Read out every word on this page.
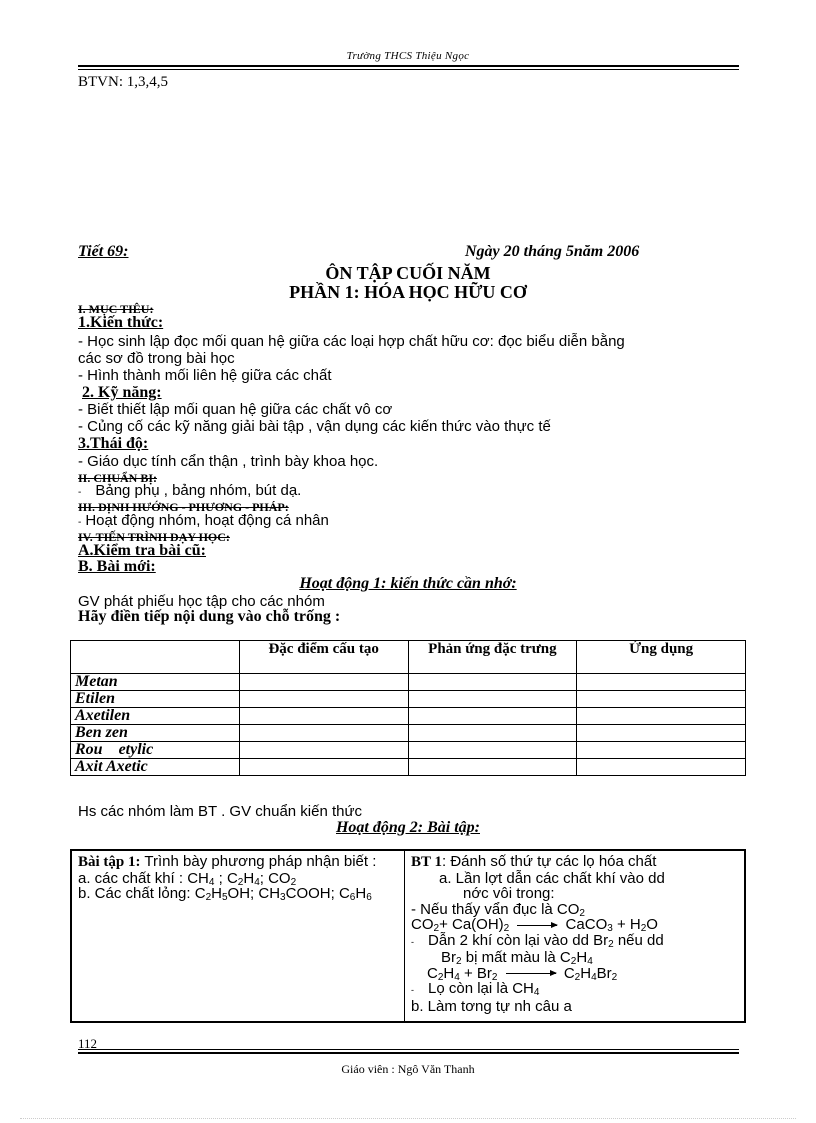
Trường THCS Thiệu Ngọc
BTVN: 1,3,4,5
Tiết 69:	Ngày 20 tháng 5năm 2006
ÔN TẬP CUỐI NĂM
PHẦN 1: HÓA HỌC HỮU CƠ
I. MỤC TIÊU:
1.Kiến thức:
- Học sinh lập đọc mối quan hệ giữa các loại hợp chất hữu cơ: đọc biểu diễn bằng
các sơ đồ trong bài học
- Hình thành mối liên hệ giữa các chất
2. Kỹ năng:
- Biết thiết lập mối quan hệ giữa các chất vô cơ
- Củng cố các kỹ năng giải bài tập , vận dụng các kiến thức vào thực tế
3.Thái độ:
- Giáo dục tính cẩn thận , trình bày khoa học.
II. CHUẨN BỊ:
- Bảng phụ , bảng nhóm, bút dạ.
III. ĐỊNH HƯỚNG - PHƯƠNG - PHÁP:
- Hoạt động nhóm, hoạt động cá nhân
IV. TIẾN TRÌNH DẠY HỌC:
A.Kiểm tra bài cũ:
B. Bài mới:
Hoạt động 1: kiến thức cần nhớ:
GV phát phiếu học tập cho các nhóm
Hãy điền tiếp nội dung vào chỗ trống :
	Đặc điểm cấu tạo	Phản ứng đặc trưng	Ứng dụng
Metan			
Etilen			
Axetilen			
Ben zen			
Rou    etylic			
Axit Axetic			
Hs các nhóm làm BT . GV chuẩn kiến thức
Hoạt động 2: Bài tập:
Bài tập 1: Trình bày phương pháp nhận biết :
a. các chất khí : $CH_4$ ; $C_2H_4$; $CO_2$
b. Các chất lỏng: $C_2H_5OH$; $CH_3COOH$; $C_6H_6$

BT 1: Đánh số thứ tự các lọ hóa chất
a. Lần lợt dẫn các chất khí vào dd
nớc vôi trong:
- Nếu thấy vẩn đục là $CO_2$
$CO_2+ Ca(OH)_2$ → CaCO$_3$ + $H_2O$
- Dẫn 2 khí còn lại vào dd $Br_2$ nếu dd
$Br_2$ bị mất màu là $C_2H_4$
$C_2H_4 + Br_2 \to C_2H_4Br_2$
- Lọ còn lại là $CH_4$
b. Làm tơng tự nh câu a
112
Giáo viên : Ngô Văn Thanh
